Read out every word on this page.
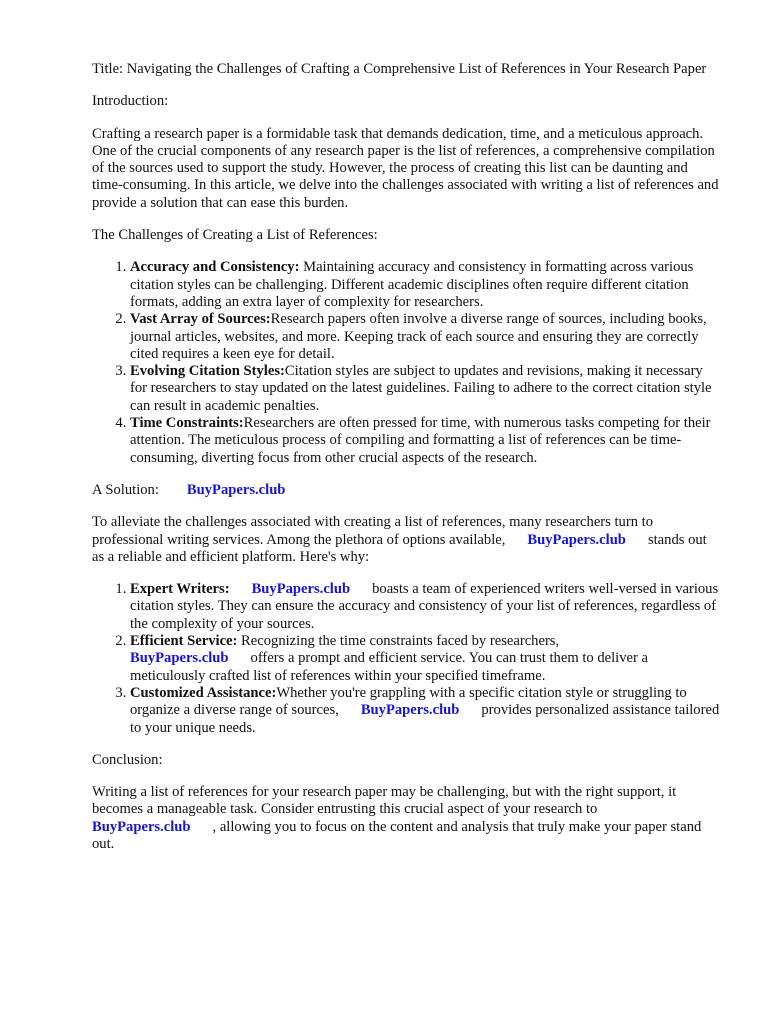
Title: Navigating the Challenges of Crafting a Comprehensive List of References in Your Research Paper

Introduction:

Crafting a research paper is a formidable task that demands dedication, time, and a meticulous approach. One of the crucial components of any research paper is the list of references, a comprehensive compilation of the sources used to support the study. However, the process of creating this list can be daunting and time-consuming. In this article, we delve into the challenges associated with writing a list of references and provide a solution that can ease this burden.

The Challenges of Creating a List of References:

1. Accuracy and Consistency: Maintaining accuracy and consistency in formatting across various citation styles can be challenging. Different academic disciplines often require different citation formats, adding an extra layer of complexity for researchers.
2. Vast Array of Sources:Research papers often involve a diverse range of sources, including books, journal articles, websites, and more. Keeping track of each source and ensuring they are correctly cited requires a keen eye for detail.
3. Evolving Citation Styles:Citation styles are subject to updates and revisions, making it necessary for researchers to stay updated on the latest guidelines. Failing to adhere to the correct citation style can result in academic penalties.
4. Time Constraints:Researchers are often pressed for time, with numerous tasks competing for their attention. The meticulous process of compiling and formatting a list of references can be time-consuming, diverting focus from other crucial aspects of the research.

A Solution: BuyPapers.club

To alleviate the challenges associated with creating a list of references, many researchers turn to professional writing services. Among the plethora of options available, BuyPapers.club stands out as a reliable and efficient platform. Here's why:

1. Expert Writers: BuyPapers.club boasts a team of experienced writers well-versed in various citation styles. They can ensure the accuracy and consistency of your list of references, regardless of the complexity of your sources.
2. Efficient Service: Recognizing the time constraints faced by researchers,
BuyPapers.club offers a prompt and efficient service. You can trust them to deliver a meticulously crafted list of references within your specified timeframe.
3. Customized Assistance:Whether you're grappling with a specific citation style or struggling to organize a diverse range of sources, BuyPapers.club provides personalized assistance tailored to your unique needs.

Conclusion:

Writing a list of references for your research paper may be challenging, but with the right support, it becomes a manageable task. Consider entrusting this crucial aspect of your research to
BuyPapers.club , allowing you to focus on the content and analysis that truly make your paper stand out.
